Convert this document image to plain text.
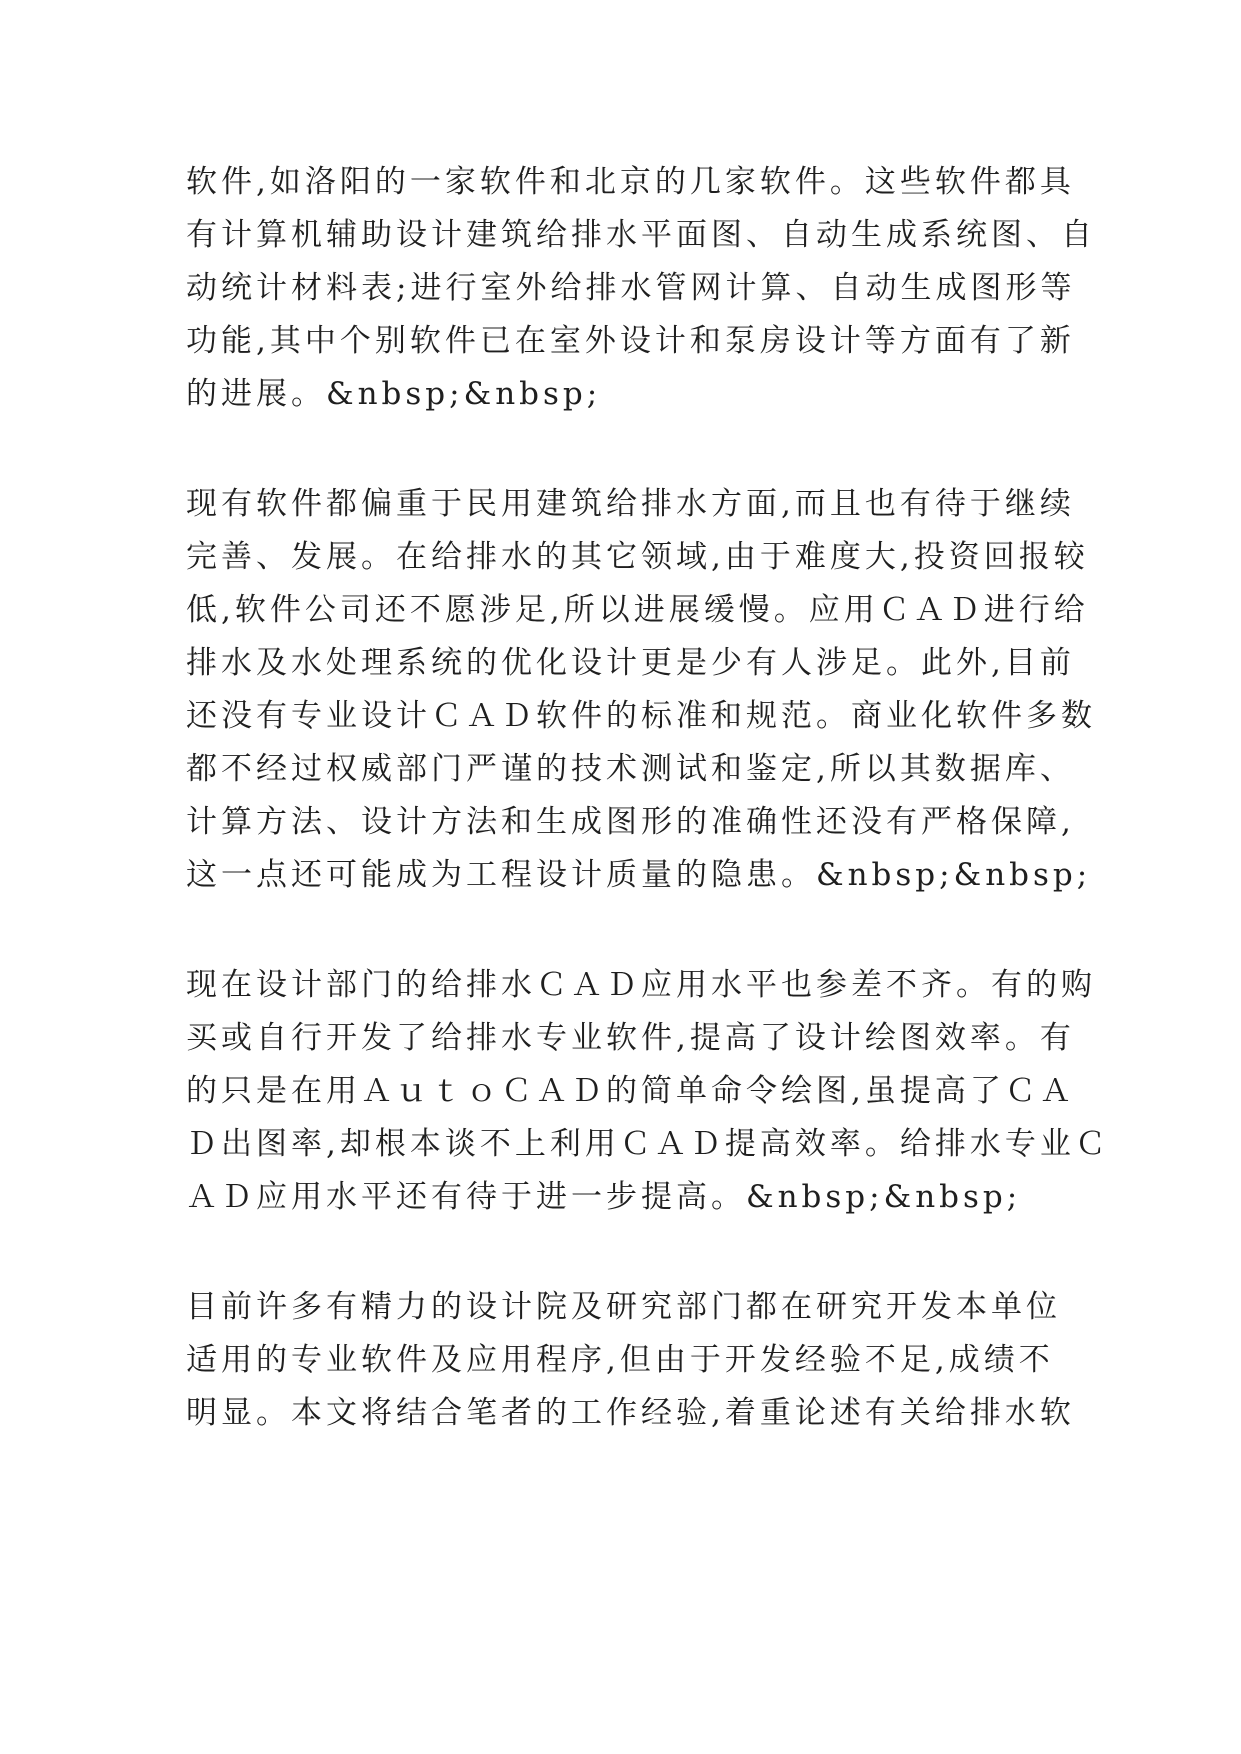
软件,如洛阳的一家软件和北京的几家软件。这些软件都具
有计算机辅助设计建筑给排水平面图、自动生成系统图、自
动统计材料表;进行室外给排水管网计算、自动生成图形等
功能,其中个别软件已在室外设计和泵房设计等方面有了新
的进展。&nbsp;&nbsp;
现有软件都偏重于民用建筑给排水方面,而且也有待于继续
完善、发展。在给排水的其它领域,由于难度大,投资回报较
低,软件公司还不愿涉足,所以进展缓慢。应用ＣＡＤ进行给
排水及水处理系统的优化设计更是少有人涉足。此外,目前
还没有专业设计ＣＡＤ软件的标准和规范。商业化软件多数
都不经过权威部门严谨的技术测试和鉴定,所以其数据库、
计算方法、设计方法和生成图形的准确性还没有严格保障,
这一点还可能成为工程设计质量的隐患。&nbsp;&nbsp;
现在设计部门的给排水ＣＡＤ应用水平也参差不齐。有的购
买或自行开发了给排水专业软件,提高了设计绘图效率。有
的只是在用ＡｕｔｏＣＡＤ的简单命令绘图,虽提高了ＣＡ
Ｄ出图率,却根本谈不上利用ＣＡＤ提高效率。给排水专业Ｃ
ＡＤ应用水平还有待于进一步提高。&nbsp;&nbsp;
目前许多有精力的设计院及研究部门都在研究开发本单位
适用的专业软件及应用程序,但由于开发经验不足,成绩不
明显。本文将结合笔者的工作经验,着重论述有关给排水软
